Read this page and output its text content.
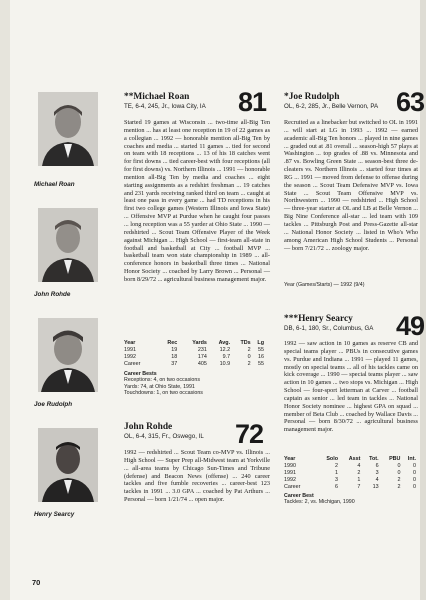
Michael Roan
John Rohde
Joe Rudolph
Henry Searcy
**Michael Roan
TE, 6-4, 245, Jr., Iowa City, IA	81

Started 19 games at Wisconsin ... two-time all-Big Ten mention ... has at least one reception in 19 of 22 games as a collegian ... 1992 — honorable mention all-Big Ten by coaches and media ... started 11 games ... tied for second on team with 18 receptions ... 13 of his 18 catches went for first downs ... tied career-best with four receptions (all for first downs) vs. Northern Illinois ... 1991 — honorable mention all-Big Ten by media and coaches ... eight starting assignments as a redshirt freshman ... 19 catches and 231 yards receiving ranked third on team ... caught at least one pass in every game ... had TD receptions in his first two college games (Western Illinois and Iowa State) ... Offensive MVP at Purdue when he caught four passes ... long reception was a 55 yarder at Ohio State ... 1990 — redshirted ... Scout Team Offensive Player of the Week against Michigan ... High School — first-team all-state in football and basketball at City ... football MVP ... basketball team won state championship in 1989 ... all-conference honors in basketball three times ... National Honor Society ... coached by Larry Brown ... Personal — born 8/29/72 ... agricultural business management major.

Year	Rec	Yards	Avg.	TDs	Lg
1991	19	231	12.2	2	55
1992	18	174	9.7	0	16
Career	37	405	10.9	2	55
Career Bests
Receptions: 4, on two occasions
Yards: 74, at Ohio State, 1991
Touchdowns: 1, on two occasions
John Rohde
OL, 6-4, 315, Fr., Oswego, IL	72

1992 — redshirted ... Scout Team co-MVP vs. Illinois ... High School — Super Prep all-Midwest team at Yorkville ... all-area teams by Chicago Sun-Times and Tribune (defense) and Beacon News (offense) ... 240 career tackles and five fumble recoveries ... career-best 123 tackles in 1991 ... 3.0 GPA ... coached by Pat Arthurs ... Personal — born 1/21/74 ... open major.

*Joe Rudolph
OL, 6-2, 285, Jr., Belle Vernon, PA 63

Recruited as a linebacker but switched to OL in 1991 ... will start at LG in 1993 ... 1992 — earned academic all-Big Ten honors ... played in nine games ... graded out at .81 overall ... season-high 57 plays at Washington ... top grades of .88 vs. Minnesota and .87 vs. Bowling Green State ... season-best three de-cleaters vs. Northern Illinois ... started four times at RG ... 1991 — moved from defense to offense during the season ... Scout Team Defensive MVP vs. Iowa State ... Scout Team Offensive MVP vs. Northwestern ... 1990 — redshirted ... High School — three-year starter at OL and LB at Belle Vernon ... Big Nine Conference all-star ... led team with 109 tackles ... Pittsburgh Post and Press-Gazette all-star ... National Honor Society ... listed in Who's Who among American High School Students ... Personal — born 7/21/72 ... zoology major.

Year (Games/Starts) — 1992 (9/4)
***Henry Searcy
DB, 6-1, 180, Sr., Columbus, GA 49

1992 — saw action in 10 games as reserve CB and special teams player ... PBUs in consecutive games vs. Purdue and Indiana ... 1991 — played 11 games, mostly on special teams ... all of his tackles came on kick coverage ... 1990 — special teams player ... saw action in 10 games ... two stops vs. Michigan ... High School — four-sport letterman at Carver ... football captain as senior ... led team in tackles ... National Honor Society nominee ... highest GPA on squad ... member of Beta Club ... coached by Wallace Davis ... Personal — born 8/30/72 ... agricultural business management major.

Year	Solo	Asst	Tot.	PBU	Int.
1990	2	4	6	0	0
1991	1	2	3	0	0
1992	3	1	4	2	0
Career	6	7	13	2	0
Career Best
Tackles: 2, vs. Michigan, 1990
70
